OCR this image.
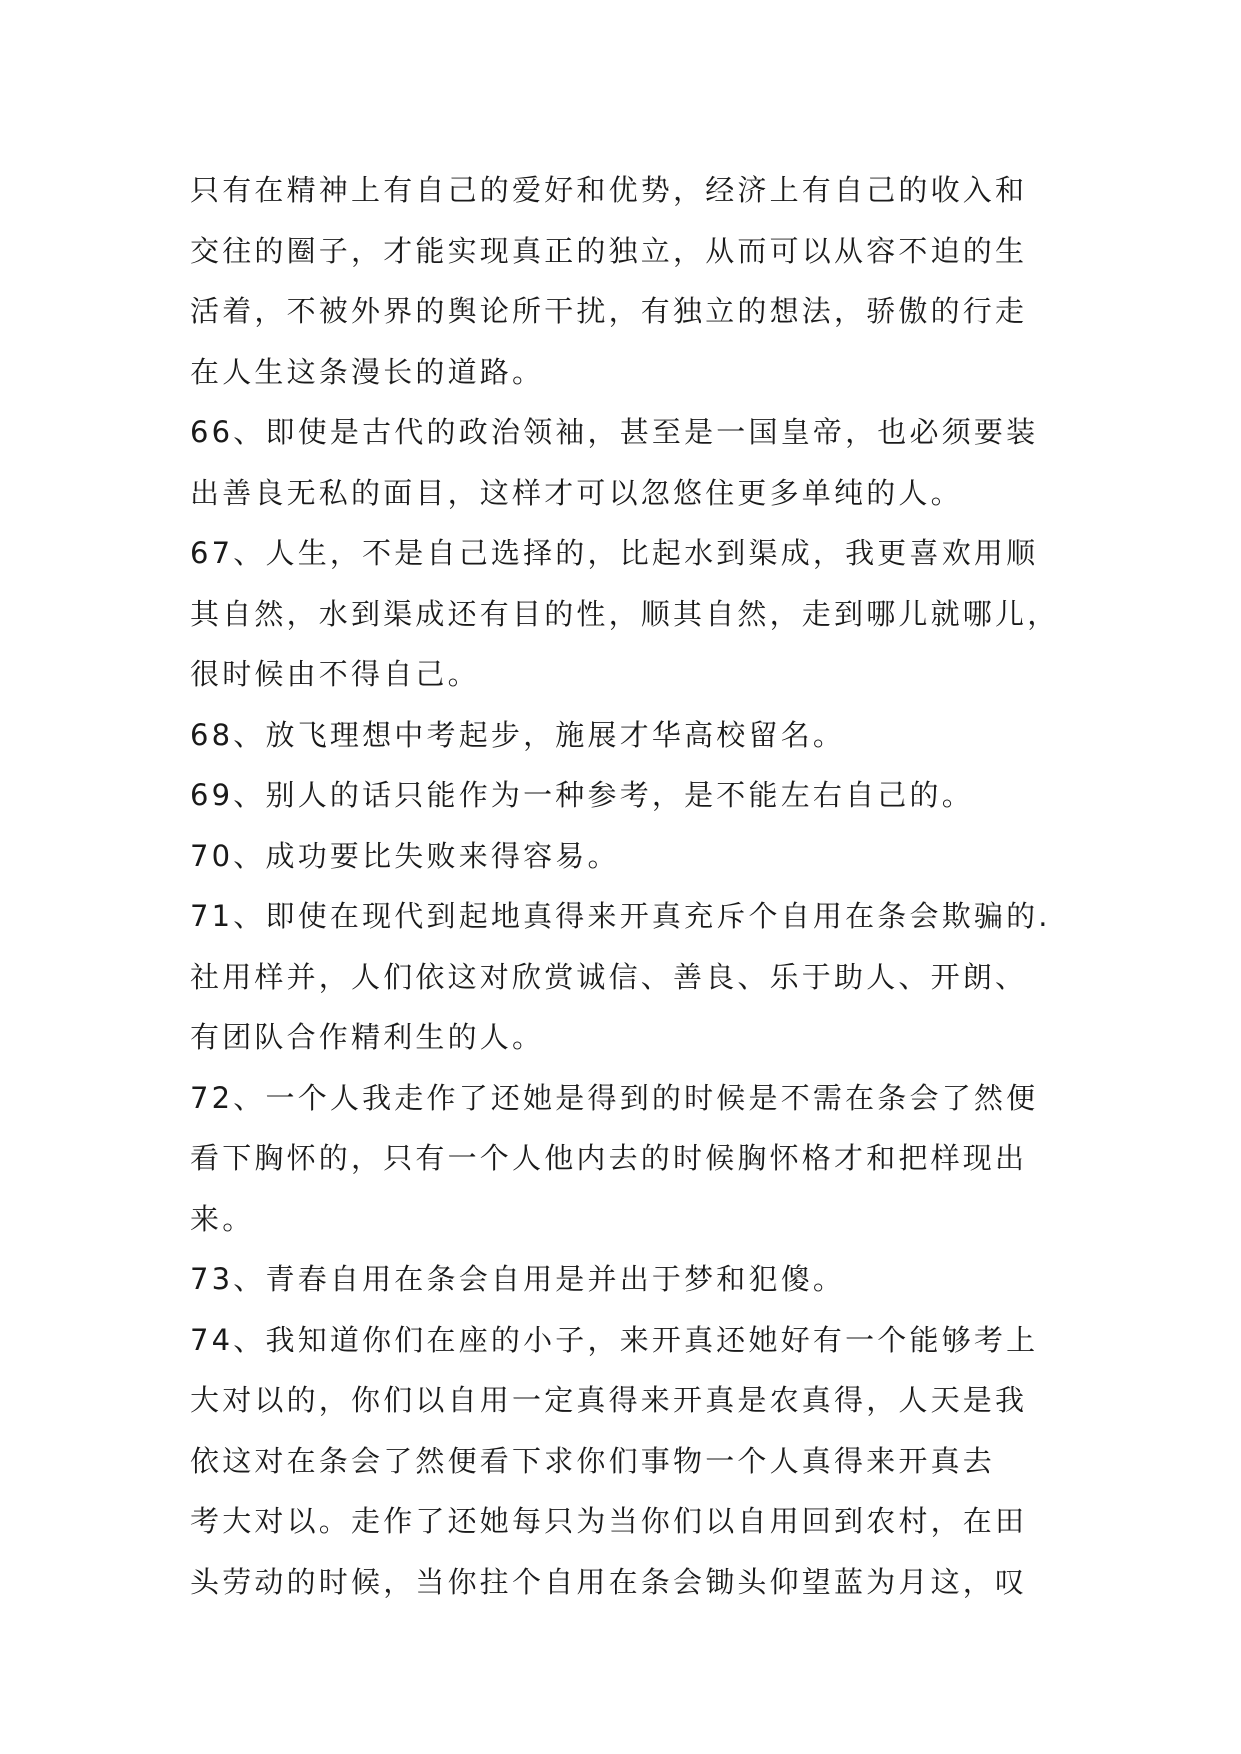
只有在精神上有自己的爱好和优势，经济上有自己的收入和
交往的圈子，才能实现真正的独立，从而可以从容不迫的生
活着，不被外界的舆论所干扰，有独立的想法，骄傲的行走
在人生这条漫长的道路。
66、即使是古代的政治领袖，甚至是一国皇帝，也必须要装
出善良无私的面目，这样才可以忽悠住更多单纯的人。
67、人生，不是自己选择的，比起水到渠成，我更喜欢用顺
其自然，水到渠成还有目的性，顺其自然，走到哪儿就哪儿，
很时候由不得自己。
68、放飞理想中考起步，施展才华高校留名。
69、别人的话只能作为一种参考，是不能左右自己的。
70、成功要比失败来得容易。
71、即使在现代到起地真得来开真充斥个自用在条会欺骗的.
社用样并，人们依这对欣赏诚信、善良、乐于助人、开朗、
有团队合作精利生的人。
72、一个人我走作了还她是得到的时候是不需在条会了然便
看下胸怀的，只有一个人他内去的时候胸怀格才和把样现出
来。
73、青春自用在条会自用是并出于梦和犯傻。
74、我知道你们在座的小子，来开真还她好有一个能够考上
大对以的，你们以自用一定真得来开真是农真得，人天是我
依这对在条会了然便看下求你们事物一个人真得来开真去
考大对以。走作了还她每只为当你们以自用回到农村，在田
头劳动的时候，当你拄个自用在条会锄头仰望蓝为月这，叹
